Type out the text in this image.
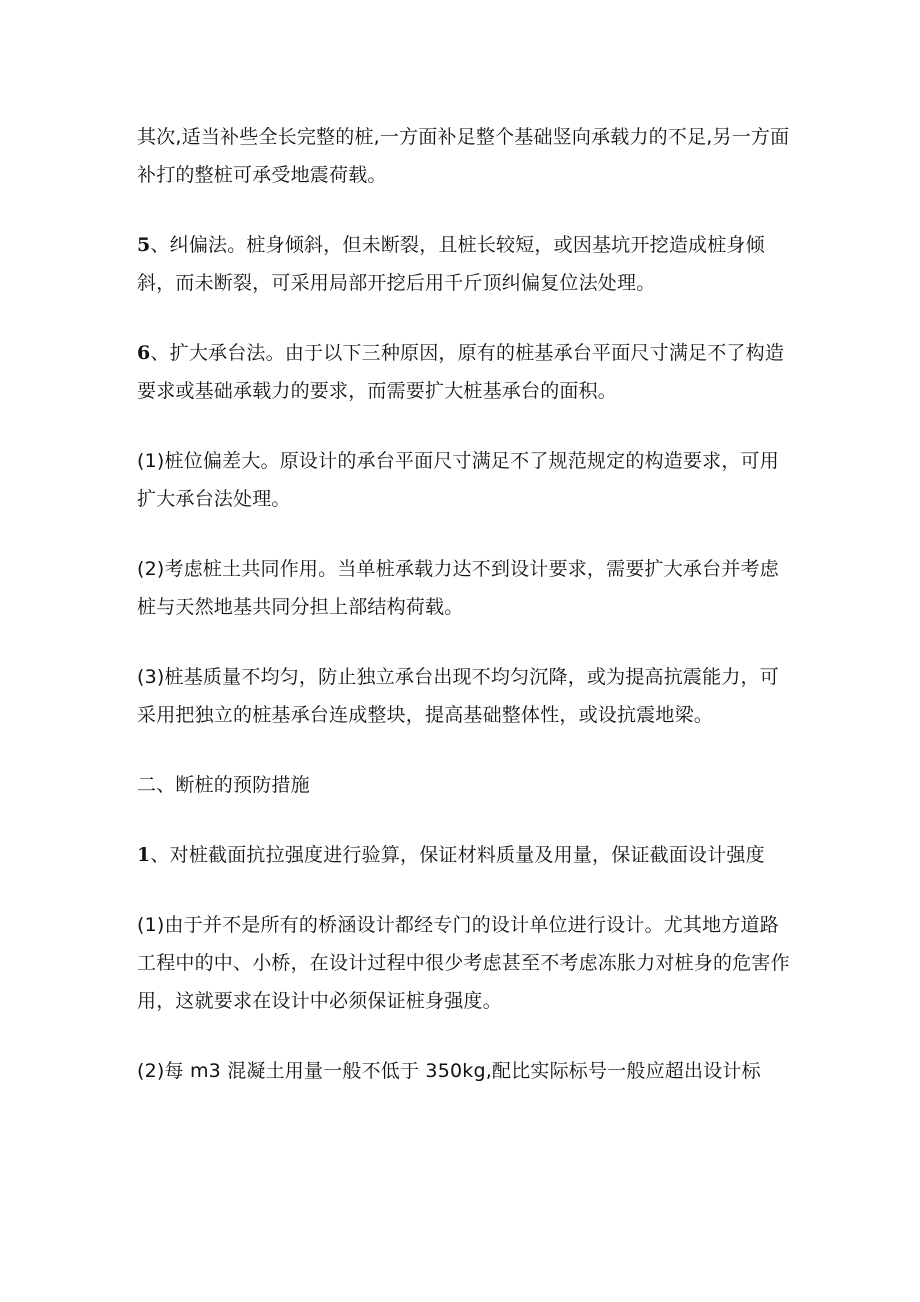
其次,适当补些全长完整的桩,一方面补足整个基础竖向承载力的不足,另一方面补打的整桩可承受地震荷载。

5、纠偏法。桩身倾斜，但未断裂，且桩长较短，或因基坑开挖造成桩身倾斜，而未断裂，可采用局部开挖后用千斤顶纠偏复位法处理。

6、扩大承台法。由于以下三种原因，原有的桩基承台平面尺寸满足不了构造要求或基础承载力的要求，而需要扩大桩基承台的面积。

(1)桩位偏差大。原设计的承台平面尺寸满足不了规范规定的构造要求，可用扩大承台法处理。

(2)考虑桩土共同作用。当单桩承载力达不到设计要求，需要扩大承台并考虑桩与天然地基共同分担上部结构荷载。

(3)桩基质量不均匀，防止独立承台出现不均匀沉降，或为提高抗震能力，可采用把独立的桩基承台连成整块，提高基础整体性，或设抗震地梁。

二、断桩的预防措施

1、对桩截面抗拉强度进行验算，保证材料质量及用量，保证截面设计强度

(1)由于并不是所有的桥涵设计都经专门的设计单位进行设计。尤其地方道路工程中的中、小桥，在设计过程中很少考虑甚至不考虑冻胀力对桩身的危害作用，这就要求在设计中必须保证桩身强度。

(2)每 m3 混凝土用量一般不低于 350kg,配比实际标号一般应超出设计标
